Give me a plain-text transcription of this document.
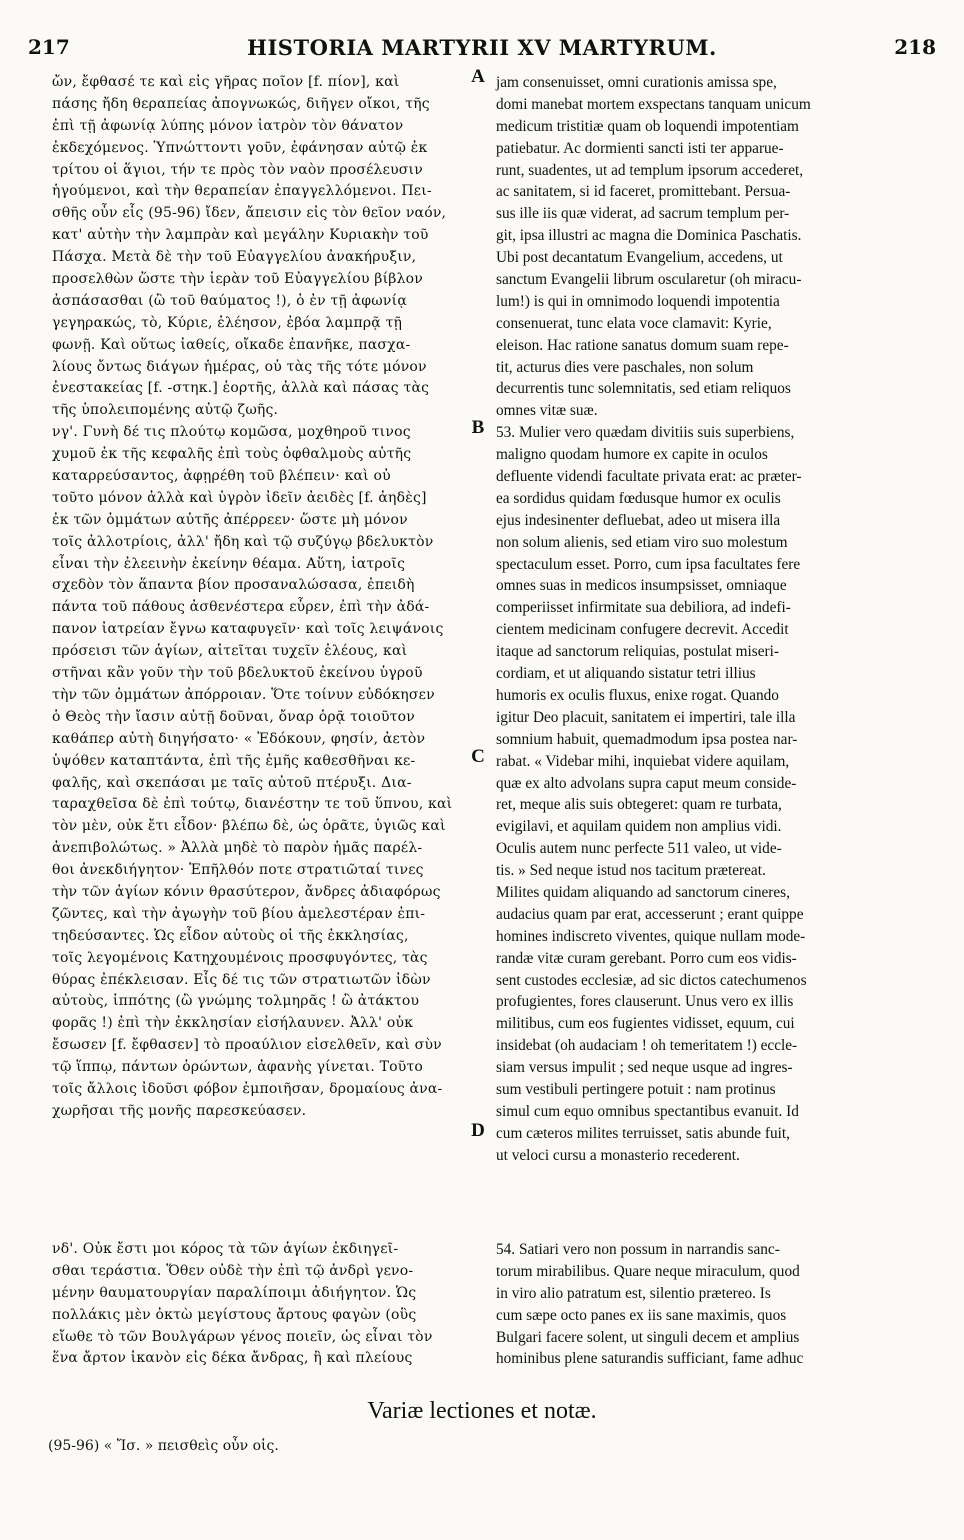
217	HISTORIA MARTYRII XV MARTYRUM.	218
ὤν, ἔφθασέ τε καὶ εἰς γῆρας ποῖον [f. πίον], καὶ
πάσης ἤδη θεραπείας ἀπογνωκώς, διῆγεν οἴκοι, τῆς
ἐπὶ τῇ ἀφωνίᾳ λύπης μόνον ἰατρὸν τὸν θάνατον
ἐκδεχόμενος. Ὑπνώττοντι γοῦν, ἐφάνησαν αὐτῷ ἐκ
τρίτου οἱ ἅγιοι, τήν τε πρὸς τὸν ναὸν προσέλευσιν
ἡγούμενοι, καὶ τὴν θεραπείαν ἐπαγγελλόμενοι. Πει-
σθῆς οὖν εἷς (95-96) ἴδεν, ἄπεισιν εἰς τὸν θεῖον ναόν,
κατ' αὐτὴν τὴν λαμπρὰν καὶ μεγάλην Κυριακὴν τοῦ
Πάσχα. Μετὰ δὲ τὴν τοῦ Εὐαγγελίου ἀνακήρυξιν,
προσελθὼν ὥστε τὴν ἱερὰν τοῦ Εὐαγγελίου βίβλον
ἀσπάσασθαι (ὢ τοῦ θαύματος !), ὁ ἐν τῇ ἀφωνίᾳ
γεγηρακώς, τὸ, Κύριε, ἐλέησον, ἐβόα λαμπρᾷ τῇ
φωνῇ. Καὶ οὕτως ἰαθείς, οἴκαδε ἐπανῆκε, πασχα-
λίους ὄντως διάγων ἡμέρας, οὐ τὰς τῆς τότε μόνον
ἐνεστακείας [f. -στηκ.] ἑορτῆς, ἀλλὰ καὶ πάσας τὰς
τῆς ὑπολειπομένης αὐτῷ ζωῆς.
νγ'. Γυνὴ δέ τις πλούτῳ κομῶσα, μοχθηροῦ τινος
χυμοῦ ἐκ τῆς κεφαλῆς ἐπὶ τοὺς ὀφθαλμοὺς αὐτῆς
καταρρεύσαντος, ἀφῃρέθη τοῦ βλέπειν· καὶ οὐ
τοῦτο μόνον ἀλλὰ καὶ ὑγρὸν ἰδεῖν ἀειδὲς [f. ἀηδὲς]
ἐκ τῶν ὀμμάτων αὐτῆς ἀπέρρεεν· ὥστε μὴ μόνον
τοῖς ἀλλοτρίοις, ἀλλ' ἤδη καὶ τῷ συζύγῳ βδελυκτὸν
εἶναι τὴν ἐλεεινὴν ἐκείνην θέαμα. Αὕτη, ἰατροῖς
σχεδὸν τὸν ἅπαντα βίον προσαναλώσασα, ἐπειδὴ
πάντα τοῦ πάθους ἀσθενέστερα εὗρεν, ἐπὶ τὴν ἀδά-
πανον ἰατρείαν ἔγνω καταφυγεῖν· καὶ τοῖς λειψάνοις
πρόσεισι τῶν ἁγίων, αἰτεῖται τυχεῖν ἐλέους, καὶ
στῆναι κἂν γοῦν τὴν τοῦ βδελυκτοῦ ἐκείνου ὑγροῦ
τὴν τῶν ὀμμάτων ἀπόρροιαν. Ὅτε τοίνυν εὐδόκησεν
ὁ Θεὸς τὴν ἴασιν αὐτῇ δοῦναι, ὄναρ ὁρᾷ τοιοῦτον
καθάπερ αὐτὴ διηγήσατο· « Ἐδόκουν, φησίν, ἀετὸν
ὑψόθεν καταπτάντα, ἐπὶ τῆς ἐμῆς καθεσθῆναι κε-
φαλῆς, καὶ σκεπάσαι με ταῖς αὐτοῦ πτέρυξι. Δια-
ταραχθεῖσα δὲ ἐπὶ τούτῳ, διανέστην τε τοῦ ὕπνου, καὶ
τὸν μὲν, οὐκ ἔτι εἶδον· βλέπω δὲ, ὡς ὁρᾶτε, ὑγιῶς καὶ
ἀνεπιβολώτως. » Ἀλλὰ μηδὲ τὸ παρὸν ἡμᾶς παρέλ-
θοι ἀνεκδιήγητον· Ἐπῆλθόν ποτε στρατιῶταί τινες
τὴν τῶν ἁγίων κόνιν θρασύτερον, ἄνδρες ἀδιαφόρως
ζῶντες, καὶ τὴν ἀγωγὴν τοῦ βίου ἀμελεστέραν ἐπι-
τηδεύσαντες. Ὡς εἶδον αὐτοὺς οἱ τῆς ἐκκλησίας,
τοῖς λεγομένοις Κατηχουμένοις προσφυγόντες, τὰς
θύρας ἐπέκλεισαν. Εἷς δέ τις τῶν στρατιωτῶν ἰδὼν
αὐτοὺς, ἱππότης (ὢ γνώμης τολμηρᾶς ! ὢ ἀτάκτου
φορᾶς !) ἐπὶ τὴν ἐκκλησίαν εἰσήλαυνεν. Ἀλλ' οὐκ
ἔσωσεν [f. ἔφθασεν] τὸ προαύλιον εἰσελθεῖν, καὶ σὺν
τῷ ἵππῳ, πάντων ὁρώντων, ἀφανὴς γίνεται. Τοῦτο
τοῖς ἄλλοις ἰδοῦσι φόβον ἐμποιῆσαν, δρομαίους ἀνα-
χωρῆσαι τῆς μονῆς παρεσκεύασεν.
jam consenuisset, omni curationis amissa spe,
domi manebat mortem exspectans tanquam unicum
medicum tristitiæ quam ob loquendi impotentiam
patiebatur. Ac dormienti sancti isti ter apparue-
runt, suadentes, ut ad templum ipsorum accederet,
ac sanitatem, si id faceret, promittebant. Persua-
sus ille iis quæ viderat, ad sacrum templum per-
git, ipsa illustri ac magna die Dominica Paschatis.
Ubi post decantatum Evangelium, accedens, ut
sanctum Evangelii librum oscularetur (oh miracu-
lum!) is qui in omnimodo loquendi impotentia
consenuerat, tunc elata voce clamavit: Kyrie,
eleison. Hac ratione sanatus domum suam repe-
tit, acturus dies vere paschales, non solum
decurrentis tunc solemnitatis, sed etiam reliquos
omnes vitæ suæ.
53. Mulier vero quædam divitiis suis superbiens,
maligno quodam humore ex capite in oculos
defluente videndi facultate privata erat: ac præter-
ea sordidus quidam fœdusque humor ex oculis
ejus indesinenter defluebat, adeo ut misera illa
non solum alienis, sed etiam viro suo molestum
spectaculum esset. Porro, cum ipsa facultates fere
omnes suas in medicos insumpsisset, omniaque
comperiisset infirmitate sua debiliora, ad indefi-
cientem medicinam confugere decrevit. Accedit
itaque ad sanctorum reliquias, postulat miseri-
cordiam, et ut aliquando sistatur tetri illius
humoris ex oculis fluxus, enixe rogat. Quando
igitur Deo placuit, sanitatem ei impertiri, tale illa
somnium habuit, quemadmodum ipsa postea nar-
rabat. « Videbar mihi, inquiebat videre aquilam,
quæ ex alto advolans supra caput meum conside-
ret, meque alis suis obtegeret: quam re turbata,
evigilavi, et aquilam quidem non amplius vidi.
Oculis autem nunc perfecte 511 valeo, ut vide-
tis. » Sed neque istud nos tacitum prætereat.
Milites quidam aliquando ad sanctorum cineres,
audacius quam par erat, accesserunt ; erant quippe
homines indiscreto viventes, quique nullam mode-
randæ vitæ curam gerebant. Porro cum eos vidis-
sent custodes ecclesiæ, ad sic dictos catechumenos
profugientes, fores clauserunt. Unus vero ex illis
militibus, cum eos fugientes vidisset, equum, cui
insidebat (oh audaciam ! oh temeritatem !) eccle-
siam versus impulit ; sed neque usque ad ingres-
sum vestibuli pertingere potuit : nam protinus
simul cum equo omnibus spectantibus evanuit. Id
cum cæteros milites terruisset, satis abunde fuit,
ut veloci cursu a monasterio recederent.
νδ'. Οὐκ ἔστι μοι κόρος τὰ τῶν ἁγίων ἐκδιηγεῖ-
σθαι τεράστια. Ὅθεν οὐδὲ τὴν ἐπὶ τῷ ἀνδρὶ γενο-
μένην θαυματουργίαν παραλίποιμι ἀδιήγητον. Ὡς
πολλάκις μὲν ὀκτὼ μεγίστους ἄρτους φαγὼν (οὓς
εἴωθε τὸ τῶν Βουλγάρων γένος ποιεῖν, ὡς εἶναι τὸν
ἕνα ἄρτον ἱκανὸν εἰς δέκα ἄνδρας, ἢ καὶ πλείους
54. Satiari vero non possum in narrandis sanc-
torum mirabilibus. Quare neque miraculum, quod
in viro alio patratum est, silentio prætereo. Is
cum sæpe octo panes ex iis sane maximis, quos
Bulgari facere solent, ut singuli decem et amplius
hominibus plene saturandis sufficiant, fame adhuc
A
B
C
D
Variæ lectiones et notæ.
(95-96) « Ἴσ. » πεισθεὶς οὖν οἱς.
